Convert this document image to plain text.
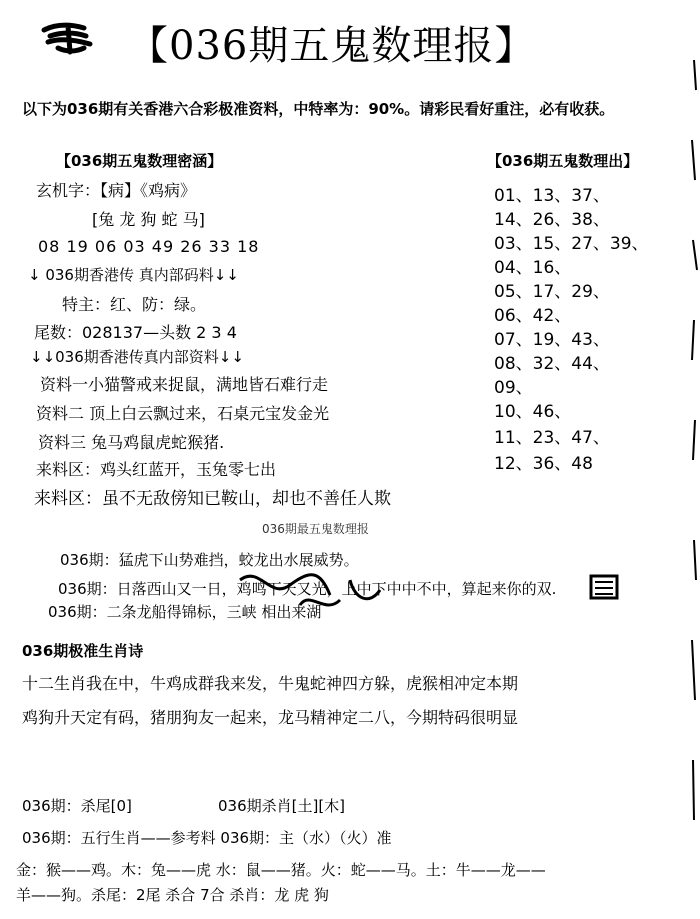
【036期五鬼数理报】
以下为036期有关香港六合彩极准资料，中特率为：90%。请彩民看好重注，必有收获。
【036期五鬼数理密涵】
玄机字：【病】《鸡病》
[兔 龙 狗 蛇 马]
08 19 06 03 49 26 33 18
↓ 036期香港传 真内部码料↓↓
特主：红、防：绿。
尾数：028137—头数 2 3 4
↓↓036期香港传真内部资料↓↓
资料一小猫警戒来捉鼠，满地皆石难行走
资料二 顶上白云飘过来，石桌元宝发金光
资料三 兔马鸡鼠虎蛇猴猪.
来料区：鸡头红蓝开，玉兔零七出
来料区：虽不无敌傍知已鞍山，却也不善任人欺
【036期五鬼数理出】
01、13、37、
14、26、38、
03、15、27、39、
04、16、
05、17、29、
06、42、
07、19、43、
08、32、44、
09、
10、46、
11、23、47、
12、36、48
036期最五鬼数理报
036期：猛虎下山势难挡，蛟龙出水展威势。
036期：日落西山又一日，鸡鸣下天又光，上中下中中不中，算起来你的双.
036期：二条龙船得锦标，三峡 相出来湖
036期极准生肖诗
十二生肖我在中，牛鸡成群我来发，牛鬼蛇神四方躲，虎猴相冲定本期
鸡狗升天定有码，猪朋狗友一起来，龙马精神定二八，今期特码很明显
036期：杀尾[0]	036期杀肖[土][木]
036期：五行生肖——参考料 036期：主（水）（火）准
金：猴——鸡。木：兔——虎 水：鼠——猪。火：蛇——马。土：牛——龙——
羊——狗。杀尾：2尾 杀合 7合 杀肖：龙 虎 狗
